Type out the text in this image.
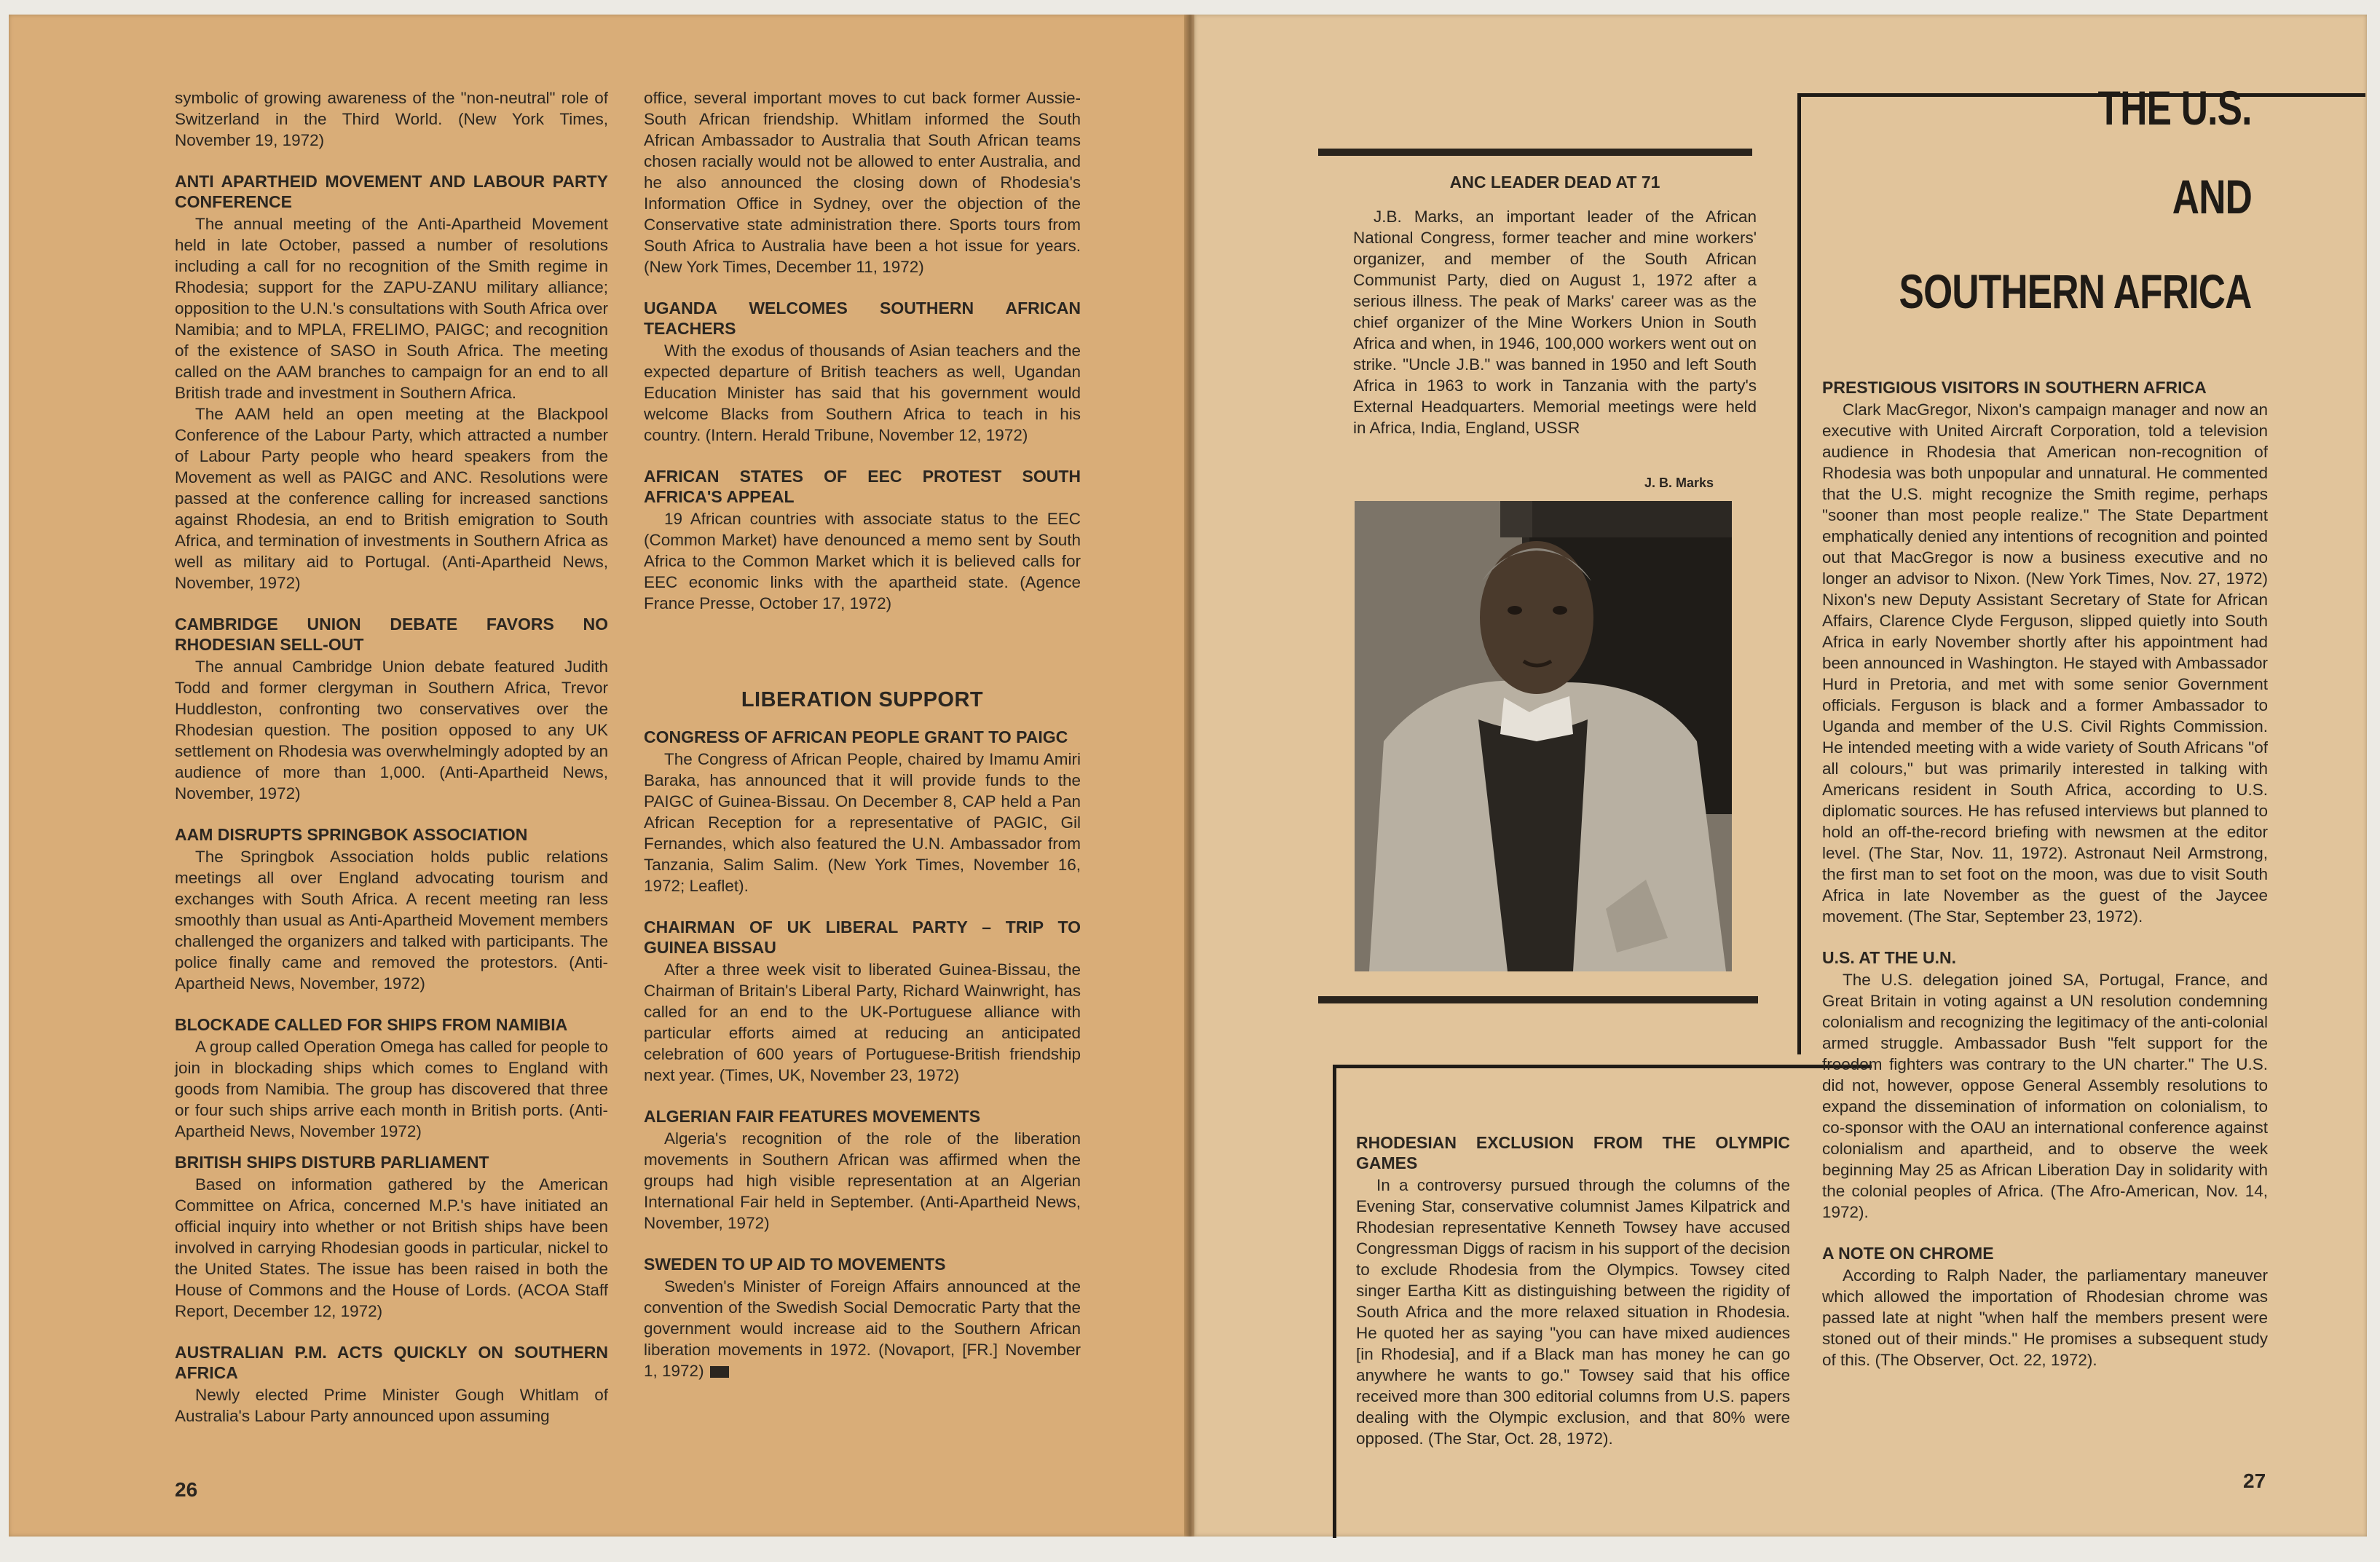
symbolic of growing awareness of the "non-neutral" role of Switzerland in the Third World. (New York Times, November 19, 1972)

ANTI APARTHEID MOVEMENT AND LABOUR PARTY CONFERENCE

The annual meeting of the Anti-Apartheid Movement held in late October, passed a number of resolutions including a call for no recognition of the Smith regime in Rhodesia; support for the ZAPU-ZANU military alliance; opposition to the U.N.'s consultations with South Africa over Namibia; and to MPLA, FRELIMO, PAIGC; and recognition of the existence of SASO in South Africa. The meeting called on the AAM branches to campaign for an end to all British trade and investment in Southern Africa.

The AAM held an open meeting at the Blackpool Conference of the Labour Party, which attracted a number of Labour Party people who heard speakers from the Movement as well as PAIGC and ANC. Resolutions were passed at the conference calling for increased sanctions against Rhodesia, an end to British emigration to South Africa, and termination of investments in Southern Africa as well as military aid to Portugal. (Anti-Apartheid News, November, 1972)

CAMBRIDGE UNION DEBATE FAVORS NO RHODESIAN SELL-OUT

The annual Cambridge Union debate featured Judith Todd and former clergyman in Southern Africa, Trevor Huddleston, confronting two conservatives over the Rhodesian question. The position opposed to any UK settlement on Rhodesia was overwhelmingly adopted by an audience of more than 1,000. (Anti-Apartheid News, November, 1972)

AAM DISRUPTS SPRINGBOK ASSOCIATION

The Springbok Association holds public relations meetings all over England advocating tourism and exchanges with South Africa. A recent meeting ran less smoothly than usual as Anti-Apartheid Movement members challenged the organizers and talked with participants. The police finally came and removed the protestors. (Anti-Apartheid News, November, 1972)

BLOCKADE CALLED FOR SHIPS FROM NAMIBIA

A group called Operation Omega has called for people to join in blockading ships which comes to England with goods from Namibia. The group has discovered that three or four such ships arrive each month in British ports. (Anti-Apartheid News, November 1972)

BRITISH SHIPS DISTURB PARLIAMENT

Based on information gathered by the American Committee on Africa, concerned M.P.'s have initiated an official inquiry into whether or not British ships have been involved in carrying Rhodesian goods in particular, nickel to the United States. The issue has been raised in both the House of Commons and the House of Lords. (ACOA Staff Report, December 12, 1972)

AUSTRALIAN P.M. ACTS QUICKLY ON SOUTHERN AFRICA

Newly elected Prime Minister Gough Whitlam of Australia's Labour Party announced upon assuming

office, several important moves to cut back former Aussie-South African friendship. Whitlam informed the South African Ambassador to Australia that South African teams chosen racially would not be allowed to enter Australia, and he also announced the closing down of Rhodesia's Information Office in Sydney, over the objection of the Conservative state administration there. Sports tours from South Africa to Australia have been a hot issue for years. (New York Times, December 11, 1972)

UGANDA WELCOMES SOUTHERN AFRICAN TEACHERS

With the exodus of thousands of Asian teachers and the expected departure of British teachers as well, Ugandan Education Minister has said that his government would welcome Blacks from Southern Africa to teach in his country. (Intern. Herald Tribune, November 12, 1972)

AFRICAN STATES OF EEC PROTEST SOUTH AFRICA'S APPEAL

19 African countries with associate status to the EEC (Common Market) have denounced a memo sent by South Africa to the Common Market which it is believed calls for EEC economic links with the apartheid state. (Agence France Presse, October 17, 1972)

LIBERATION SUPPORT
CONGRESS OF AFRICAN PEOPLE GRANT TO PAIGC

The Congress of African People, chaired by Imamu Amiri Baraka, has announced that it will provide funds to the PAIGC of Guinea-Bissau. On December 8, CAP held a Pan African Reception for a representative of PAGIC, Gil Fernandes, which also featured the U.N. Ambassador from Tanzania, Salim Salim. (New York Times, November 16, 1972; Leaflet).

CHAIRMAN OF UK LIBERAL PARTY – TRIP TO GUINEA BISSAU

After a three week visit to liberated Guinea-Bissau, the Chairman of Britain's Liberal Party, Richard Wainwright, has called for an end to the UK-Portuguese alliance with particular efforts aimed at reducing an anticipated celebration of 600 years of Portuguese-British friendship next year. (Times, UK, November 23, 1972)

ALGERIAN FAIR FEATURES MOVEMENTS

Algeria's recognition of the role of the liberation movements in Southern African was affirmed when the groups had high visible representation at an Algerian International Fair held in September. (Anti-Apartheid News, November, 1972)

SWEDEN TO UP AID TO MOVEMENTS

Sweden's Minister of Foreign Affairs announced at the convention of the Swedish Social Democratic Party that the government would increase aid to the Southern African liberation movements in 1972. (Novaport, [FR.] November 1, 1972)

26
THE U.S.
AND
SOUTHERN AFRICA
ANC LEADER DEAD AT 71

J.B. Marks, an important leader of the African National Congress, former teacher and mine workers' organizer, and member of the South African Communist Party, died on August 1, 1972 after a serious illness. The peak of Marks' career was as the chief organizer of the Mine Workers Union in South Africa and when, in 1946, 100,000 workers went out on strike. "Uncle J.B." was banned in 1950 and left South Africa in 1963 to work in Tanzania with the party's External Headquarters. Memorial meetings were held in Africa, India, England, USSR

J. B. Marks
RHODESIAN EXCLUSION FROM THE OLYMPIC GAMES

In a controversy pursued through the columns of the Evening Star, conservative columnist James Kilpatrick and Rhodesian representative Kenneth Towsey have accused Congressman Diggs of racism in his support of the decision to exclude Rhodesia from the Olympics. Towsey cited singer Eartha Kitt as distinguishing between the rigidity of South Africa and the more relaxed situation in Rhodesia. He quoted her as saying "you can have mixed audiences [in Rhodesia], and if a Black man has money he can go anywhere he wants to go." Towsey said that his office received more than 300 editorial columns from U.S. papers dealing with the Olympic exclusion, and that 80% were opposed. (The Star, Oct. 28, 1972).

PRESTIGIOUS VISITORS IN SOUTHERN AFRICA

Clark MacGregor, Nixon's campaign manager and now an executive with United Aircraft Corporation, told a television audience in Rhodesia that American non-recognition of Rhodesia was both unpopular and unnatural. He commented that the U.S. might recognize the Smith regime, perhaps "sooner than most people realize." The State Department emphatically denied any intentions of recognition and pointed out that MacGregor is now a business executive and no longer an advisor to Nixon. (New York Times, Nov. 27, 1972) Nixon's new Deputy Assistant Secretary of State for African Affairs, Clarence Clyde Ferguson, slipped quietly into South Africa in early November shortly after his appointment had been announced in Washington. He stayed with Ambassador Hurd in Pretoria, and met with some senior Government officials. Ferguson is black and a former Ambassador to Uganda and member of the U.S. Civil Rights Commission. He intended meeting with a wide variety of South Africans "of all colours," but was primarily interested in talking with Americans resident in South Africa, according to U.S. diplomatic sources. He has refused interviews but planned to hold an off-the-record briefing with newsmen at the editor level. (The Star, Nov. 11, 1972). Astronaut Neil Armstrong, the first man to set foot on the moon, was due to visit South Africa in late November as the guest of the Jaycee movement. (The Star, September 23, 1972).

U.S. AT THE U.N.

The U.S. delegation joined SA, Portugal, France, and Great Britain in voting against a UN resolution condemning colonialism and recognizing the legitimacy of the anti-colonial armed struggle. Ambassador Bush "felt support for the freedom fighters was contrary to the UN charter." The U.S. did not, however, oppose General Assembly resolutions to expand the dissemination of information on colonialism, to co-sponsor with the OAU an international conference against colonialism and apartheid, and to observe the week beginning May 25 as African Liberation Day in solidarity with the colonial peoples of Africa. (The Afro-American, Nov. 14, 1972).

A NOTE ON CHROME

According to Ralph Nader, the parliamentary maneuver which allowed the importation of Rhodesian chrome was passed late at night "when half the members present were stoned out of their minds." He promises a subsequent study of this. (The Observer, Oct. 22, 1972).

27
